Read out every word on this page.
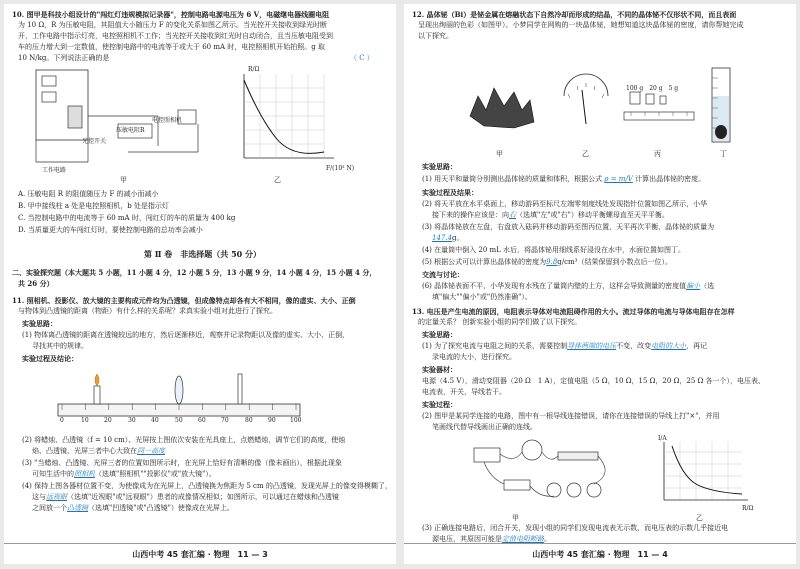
10. 图甲是科技小组设计的"闯红灯违规模拟记录器"，控制电路电源电压为 6 V，电磁继电器线圈电阻
为 10 Ω，R 为压敏电阻，其阻值大小随压力 F 的变化关系如图乙所示。当光控开关接收到绿光时断
开，工作电路中指示灯亮，电控照相机不工作；当光控开关接收到红光时自动闭合，且当压敏电阻受到
车的压力增大到一定数值，使控制电路中的电流等于或大于 60 mA 时，电控照相机开始拍照。g 取
10 N/kg。下列说法正确的是	（ C ）
光控开关
压敏电阻R
电控照相机
工作电路
甲
R/Ω
F/(10³ N)
乙
A. 压敏电阻 R 的阻值随压力 F 的减小而减小
B. 甲中接线柱 a 处是电控照相机，b 处是指示灯
C. 当控制电路中的电流等于 60 mA 时，闯红灯的车的质量为 400 kg
D. 当质量更大的车闯红灯时，要使控制电路的总功率会减小
第 Ⅱ 卷　非选择题（共 50 分）
二、实验探究题（本大题共 5 小题，11 小题 4 分，12 小题 5 分，13 小题 9 分，14 小题 4 分，15 小题 4 分，
共 26 分）
11. 照相机、投影仪、放大镜的主要构成元件均为凸透镜，但成像特点却各有大不相同，像的虚实、大小、正倒
与物体到凸透镜的距离（物距）有什么样的关系呢？求真实验小组对此进行了探究。
实验思路：
(1) 物体离凸透镜的距离在透镜较远的地方，然后逐渐移近，观察并记录物距以及像的虚实、大小、正倒，
寻找其中的规律。
实验过程及结论：
0	10	20	30	40	50	60	70	80	90 100
(2) 将蜡烛、凸透镜（f = 10 cm）、光屏按上图依次安装在光具座上，点燃蜡烛，调节它们的高度，使烛
焰、凸透镜、光屏三者中心大致在同一高度
(3) "当蜡烛、凸透镜、光屏三者的位置如图所示时，在光屏上恰好有清晰的像（像未画出），根据此现象
可知生活中的照相机（选填"照相机""投影仪"或"放大镜"）。
(4) 保持上图各器材位置不变，为使像成为在光屏上，凸透镜换为焦距为 5 cm 的凸透镜，发现光屏上的像变得模糊了，
这与远视眼（选填"近视眼"或"远视眼"）患者的成像情况相似；如图所示，可以通过在蜡烛和凸透镜
之间放一个凸透镜（选填"凹透镜"或"凸透镜"）使像成在光屏上。
山西中考 45 套汇编 · 物理　11 — 3
12. 晶体铋（Bi）是铋金属在熔融状态下自然冷却而形成的结晶，不同的晶体铋不仅形状不同，而且表面
呈现出绚丽的色彩（如图甲）。小梦同学在网购的一块晶体铋，她想知道这块晶体铋的密度，请你帮她完成
以下探究。
100 g　20 g　5 g
甲	乙	丙	丁
实验思路：
(1) 用天平和量筒分别测出晶体铋的质量和体积，根据公式 ρ = m/V 计算出晶体铋的密度。
实验过程及结果：
(2) 将天平放在水平桌面上，移动游码至标尺左端零刻度线处发现指针位置如图乙所示，小华
接下来的操作应该是：向右（选填"左"或"右"）移动平衡螺母直至天平平衡。
(3) 将晶体铋放在左盘，右盘放入砝码并移动游码至图丙位置，天平再次平衡，晶体铋的质量为
147.4g。
(4) 在量筒中倒入 20 mL 水后，将晶体铋用细线系好浸没在水中，水面位置如图丁。
(5) 根据公式可以计算出晶体铋的密度为9.8g/cm³（结果保留到小数点后一位）。
交流与讨论：
(6) 晶体铋表面不平，小华发现有水残在了量筒内壁的上方，这样会导致测量的密度值偏小（选
填"偏大""偏小"或"仍然准确"）。
13. 电压是产生电流的原因，电阻表示导体对电流阻碍作用的大小。流过导体的电流与导体电阻存在怎样
的定量关系？ 创新实验小组的同学们做了以下探究。
实验思路：
(1) 为了探究电流与电阻之间的关系，需要控制导体两端的电压不变，改变电阻的大小，再记
录电流的大小，进行探究。
实验器材：
电源（4.5 V），滑动变阻器（20 Ω　1 A），定值电阻（5 Ω，10 Ω，15 Ω，20 Ω，25 Ω 各一个），电压表、
电流表，开关，导线若干。
实验过程：
(2) 图甲是某同学连接的电路，图中有一根导线连接错误，请你在连接错误的导线上打"×"，并用
笔画线代替导线画出正确的连线。
甲
I/A
R/Ω
乙
(3) 正确连接电路后，闭合开关，发现小组的同学们发现电流表无示数，而电压表的示数几乎接近电
源电压，其原因可能是定值电阻断路。
山西中考 45 套汇编 · 物理　11 — 4
